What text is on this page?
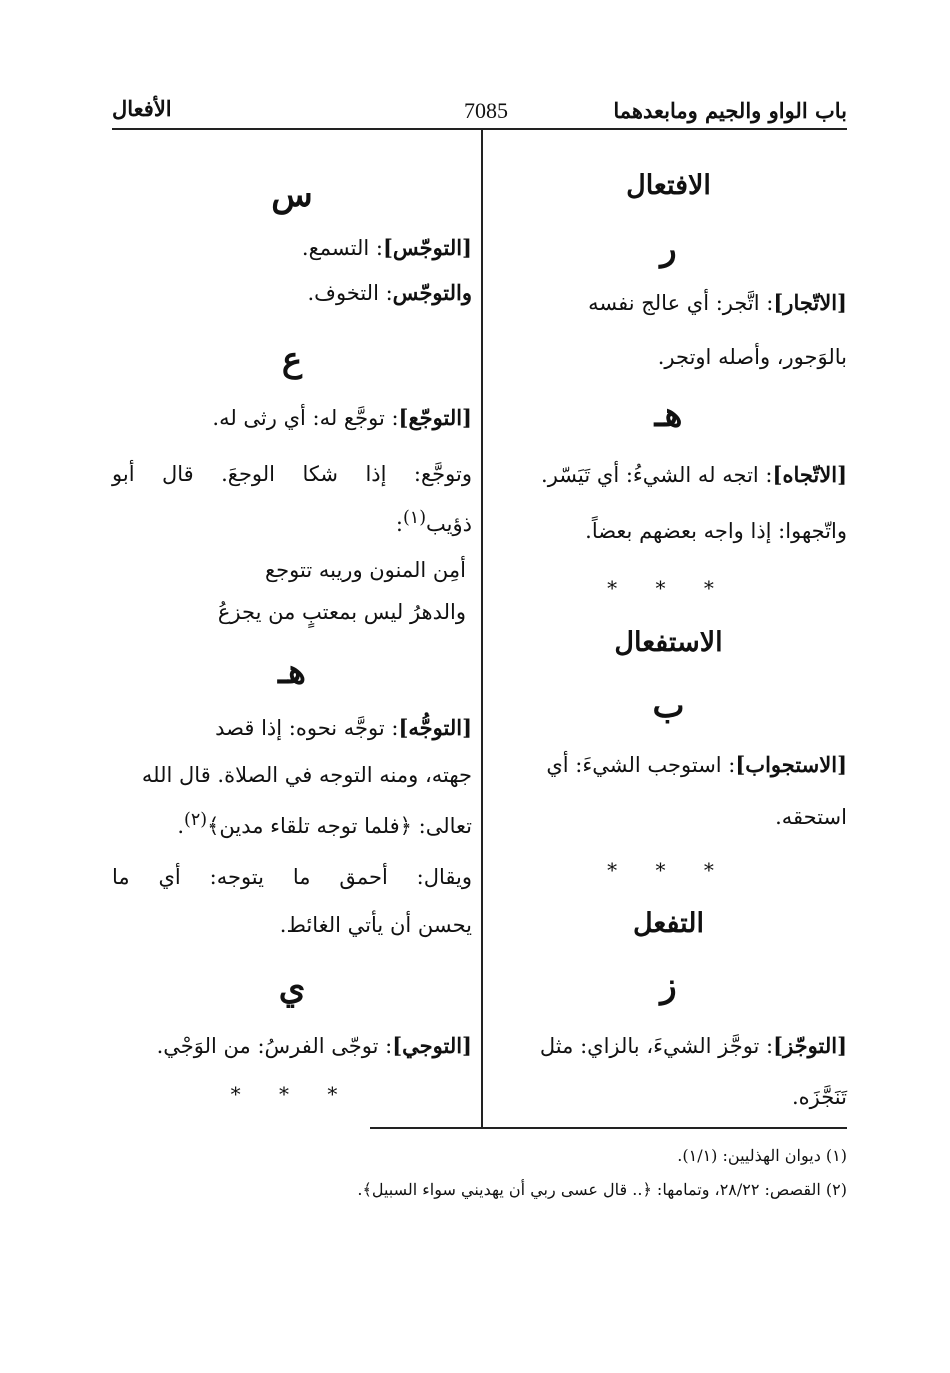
باب الواو والجيم ومابعدهما
7085
الأفعال
الافتعال
ر
[الاتّجار]: اتَّجر: أي عالج نفسه
بالوَجور، وأصله اوتجر.
هـ
[الاتّجاه]: اتجه له الشيءُ: أي تَيَسّر.
واتّجهوا: إذا واجه بعضهم بعضاً.
* * *
الاستفعال
ب
[الاستجواب]: استوجب الشيءَ: أي
استحقه.
* * *
التفعل
ز
[التوجّز]: توجَّز الشيءَ، بالزاي: مثل
تَنَجَّزَه.
س
[التوجّس]: التسمع.
والتوجّس: التخوف.
ع
[التوجّع]: توجَّع له: أي رثى له.
وتوجَّع: إذا شكا الوجعَ. قال أبو
ذؤيب$^{(١)}$:
أمِن المنون وريبه تتوجع
والدهرُ ليس بمعتبٍ من يجزعُ
هـ
[التوجُّه]: توجَّه نحوه: إذا قصد
جهته، ومنه التوجه في الصلاة. قال الله
تعالى: ﴿فلما توجه تلقاء مدين﴾$^{(٢)}$.
ويقال: أحمق ما يتوجه: أي ما
يحسن أن يأتي الغائط.
ي
[التوجي]: توجّى الفرسُ: من الوَجْي.
* * *
(١) ديوان الهذليين: (١/١).
(٢) القصص: ٢٨/٢٢، وتمامها: ﴿.. قال عسى ربي أن يهديني سواء السبيل﴾.
